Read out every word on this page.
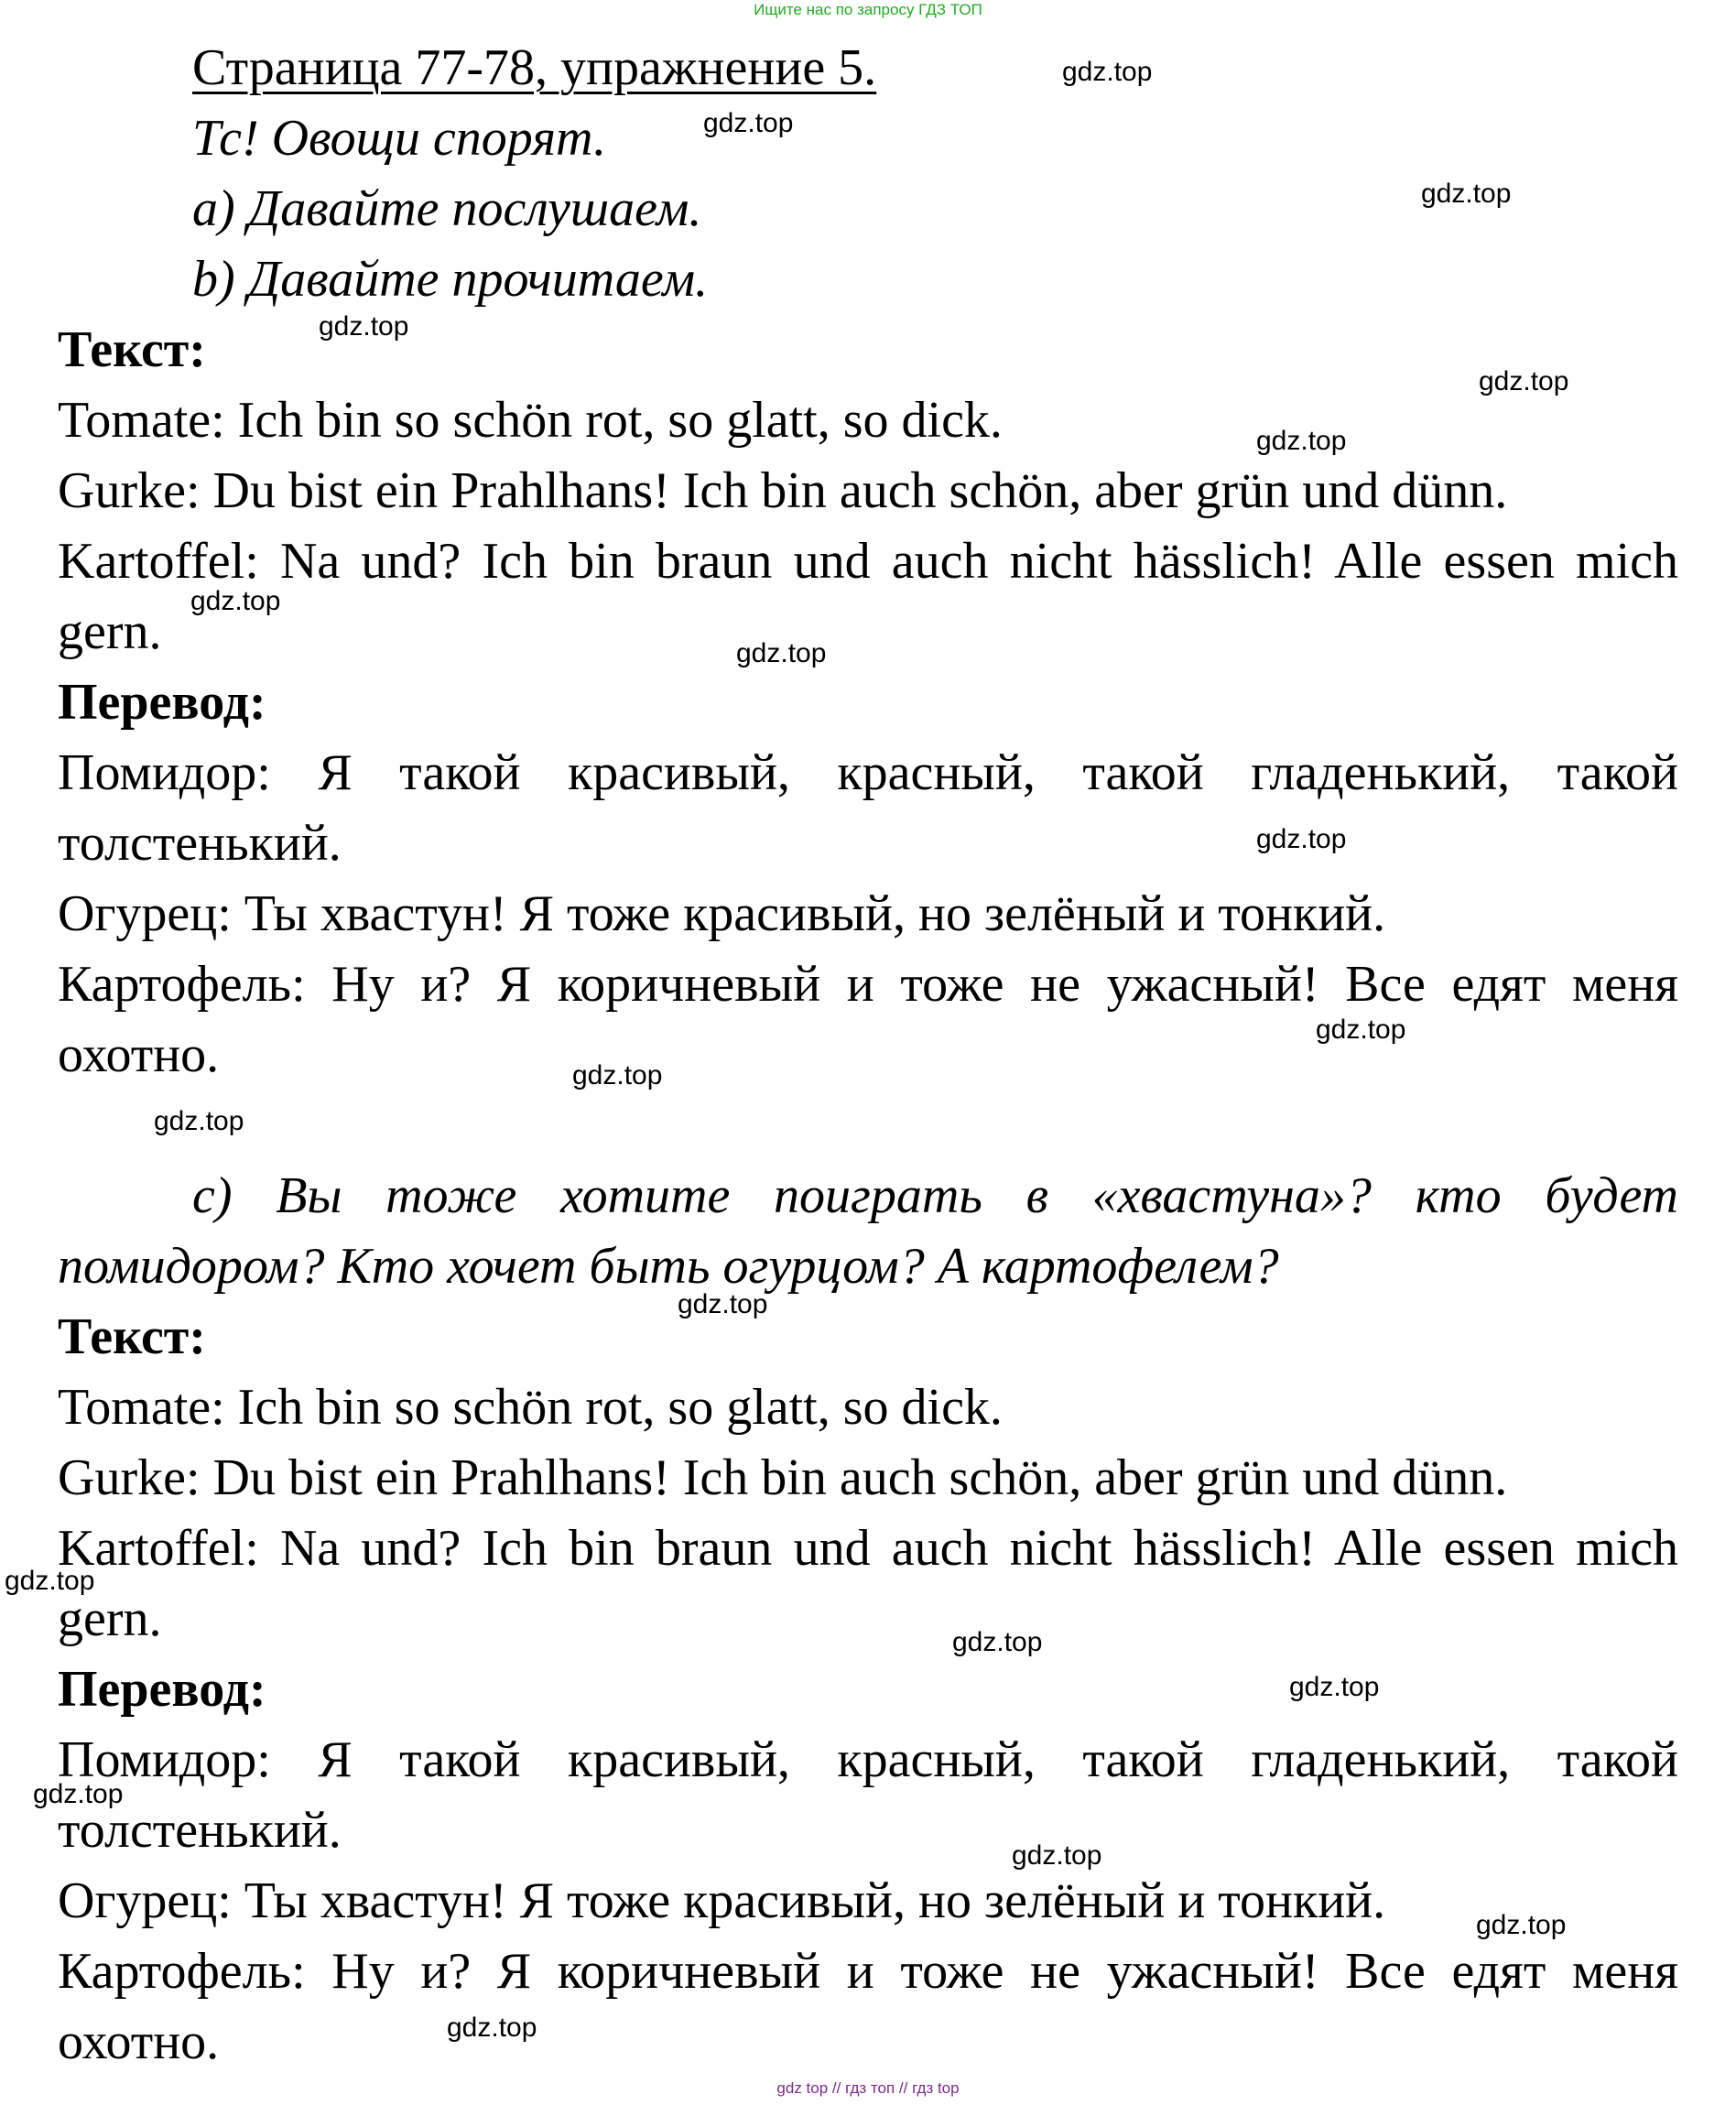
Ищите нас по запросу ГДЗ ТОП

Страница 77-78, упражнение 5.

Тс! Овощи спорят.

a) Давайте послушаем.

b) Давайте прочитаем.

Текст:

Tomate: Ich bin so schön rot, so glatt, so dick.

Gurke: Du bist ein Prahlhans! Ich bin auch schön, aber grün und dünn.

Kartoffel: Na und? Ich bin braun und auch nicht hässlich! Alle essen mich gern.

Перевод:

Помидор: Я такой красивый, красный, такой гладенький, такой толстенький.

Огурец: Ты хвастун! Я тоже красивый, но зелёный и тонкий.

Картофель: Ну и? Я коричневый и тоже не ужасный! Все едят меня охотно.

c) Вы тоже хотите поиграть в «хвастуна»? кто будет помидором? Кто хочет быть огурцом? А картофелем?

Текст:

Tomate: Ich bin so schön rot, so glatt, so dick.

Gurke: Du bist ein Prahlhans! Ich bin auch schön, aber grün und dünn.

Kartoffel: Na und? Ich bin braun und auch nicht hässlich! Alle essen mich gern.

Перевод:

Помидор: Я такой красивый, красный, такой гладенький, такой толстенький.

Огурец: Ты хвастун! Я тоже красивый, но зелёный и тонкий.

Картофель: Ну и? Я коричневый и тоже не ужасный! Все едят меня охотно.

gdz.top
gdz.top
gdz.top
gdz.top
gdz.top
gdz.top
gdz.top
gdz.top
gdz.top
gdz.top
gdz.top
gdz.top
gdz.top
gdz.top
gdz.top
gdz.top
gdz.top
gdz.top
gdz.top
gdz.top
gdz top // гдз топ // гдз top
